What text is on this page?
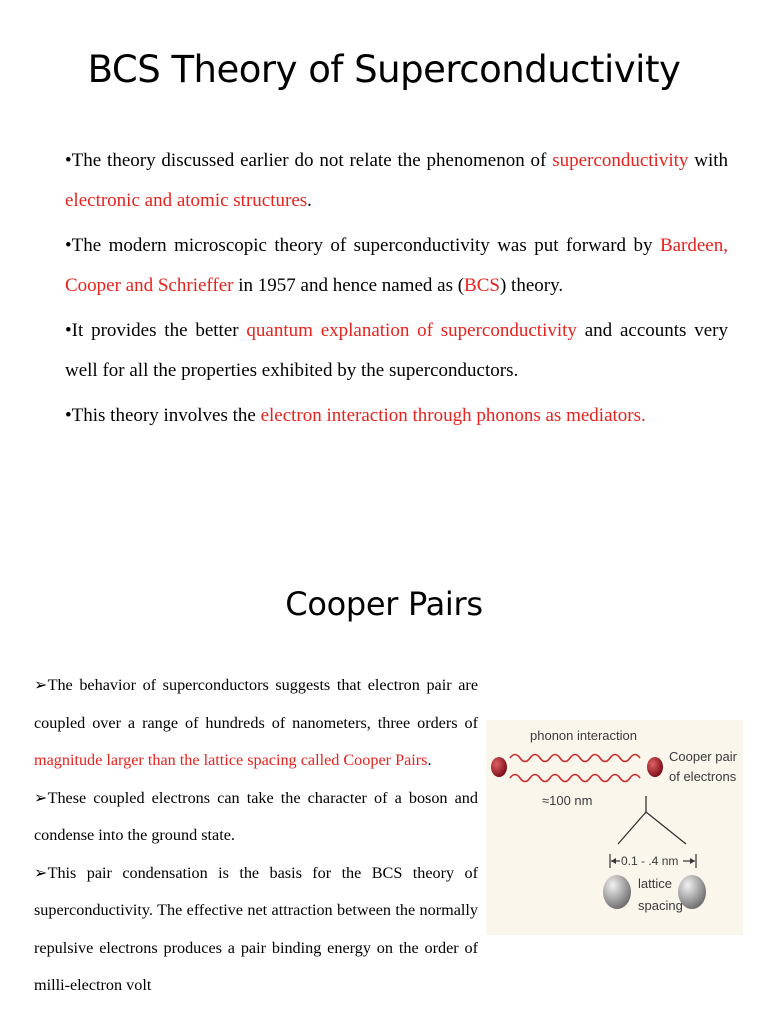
BCS Theory of Superconductivity

•The theory discussed earlier do not relate the phenomenon of superconductivity with electronic and atomic structures.

•The modern microscopic theory of superconductivity was put forward by Bardeen, Cooper and Schrieffer in 1957 and hence named as (BCS) theory.

•It provides the better quantum explanation of superconductivity and accounts very well for all the properties exhibited by the superconductors.

•This theory involves the electron interaction through phonons as mediators.

Cooper Pairs

➢The behavior of superconductors suggests that electron pair are coupled over a range of hundreds of nanometers, three orders of magnitude larger than the lattice spacing called Cooper Pairs.

➢These coupled electrons can take the character of a boson and condense into the ground state.

➢This pair condensation is the basis for the BCS theory of superconductivity. The effective net attraction between the normally repulsive electrons produces a pair binding energy on the order of milli-electron volt

phonon interaction
Cooper pair
of electrons
≈100 nm
0.1 - .4 nm
lattice
spacing
